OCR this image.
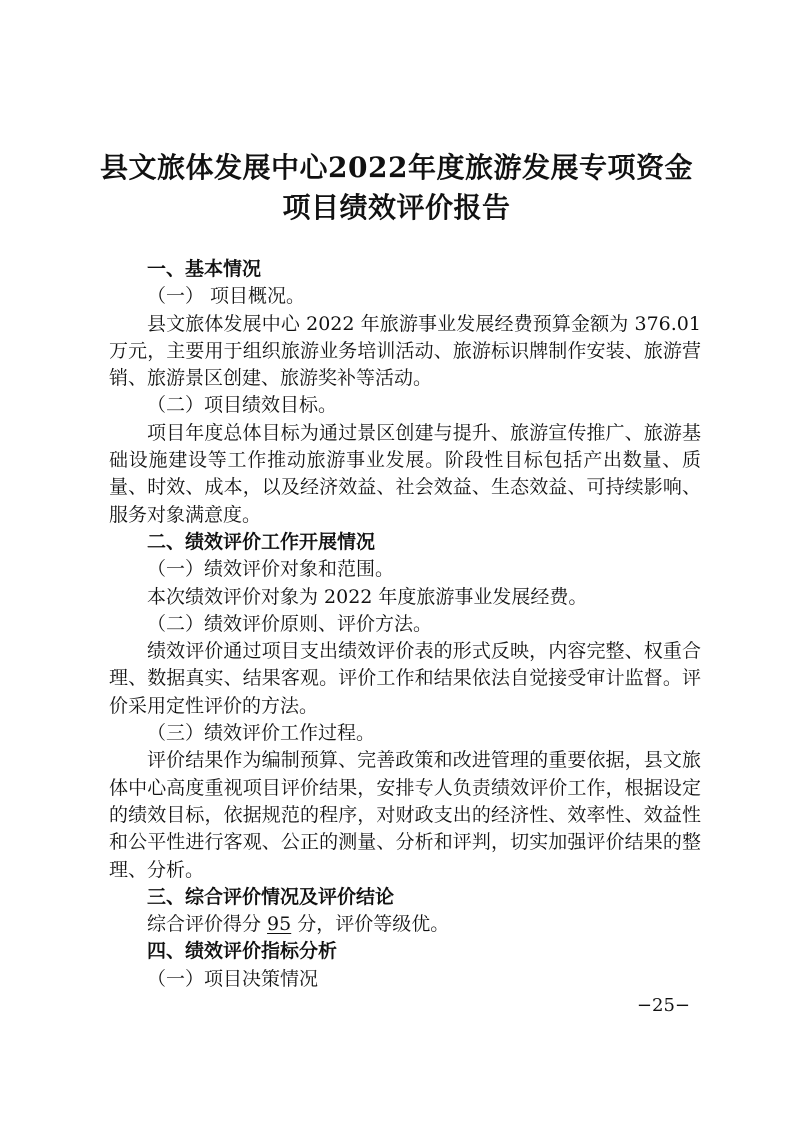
县文旅体发展中心2022年度旅游发展专项资金
项目绩效评价报告

一、基本情况

（一） 项目概况。

县文旅体发展中心 2022 年旅游事业发展经费预算金额为 376.01 万元，主要用于组织旅游业务培训活动、旅游标识牌制作安装、旅游营销、旅游景区创建、旅游奖补等活动。

（二）项目绩效目标。

项目年度总体目标为通过景区创建与提升、旅游宣传推广、旅游基础设施建设等工作推动旅游事业发展。阶段性目标包括产出数量、质量、时效、成本，以及经济效益、社会效益、生态效益、可持续影响、服务对象满意度。

二、绩效评价工作开展情况

（一）绩效评价对象和范围。

本次绩效评价对象为 2022 年度旅游事业发展经费。

（二）绩效评价原则、评价方法。

绩效评价通过项目支出绩效评价表的形式反映，内容完整、权重合理、数据真实、结果客观。评价工作和结果依法自觉接受审计监督。评价采用定性评价的方法。

（三）绩效评价工作过程。

评价结果作为编制预算、完善政策和改进管理的重要依据，县文旅体中心高度重视项目评价结果，安排专人负责绩效评价工作，根据设定的绩效目标，依据规范的程序，对财政支出的经济性、效率性、效益性和公平性进行客观、公正的测量、分析和评判，切实加强评价结果的整理、分析。

三、综合评价情况及评价结论

综合评价得分 95 分，评价等级优。

四、绩效评价指标分析

（一）项目决策情况

−25−
